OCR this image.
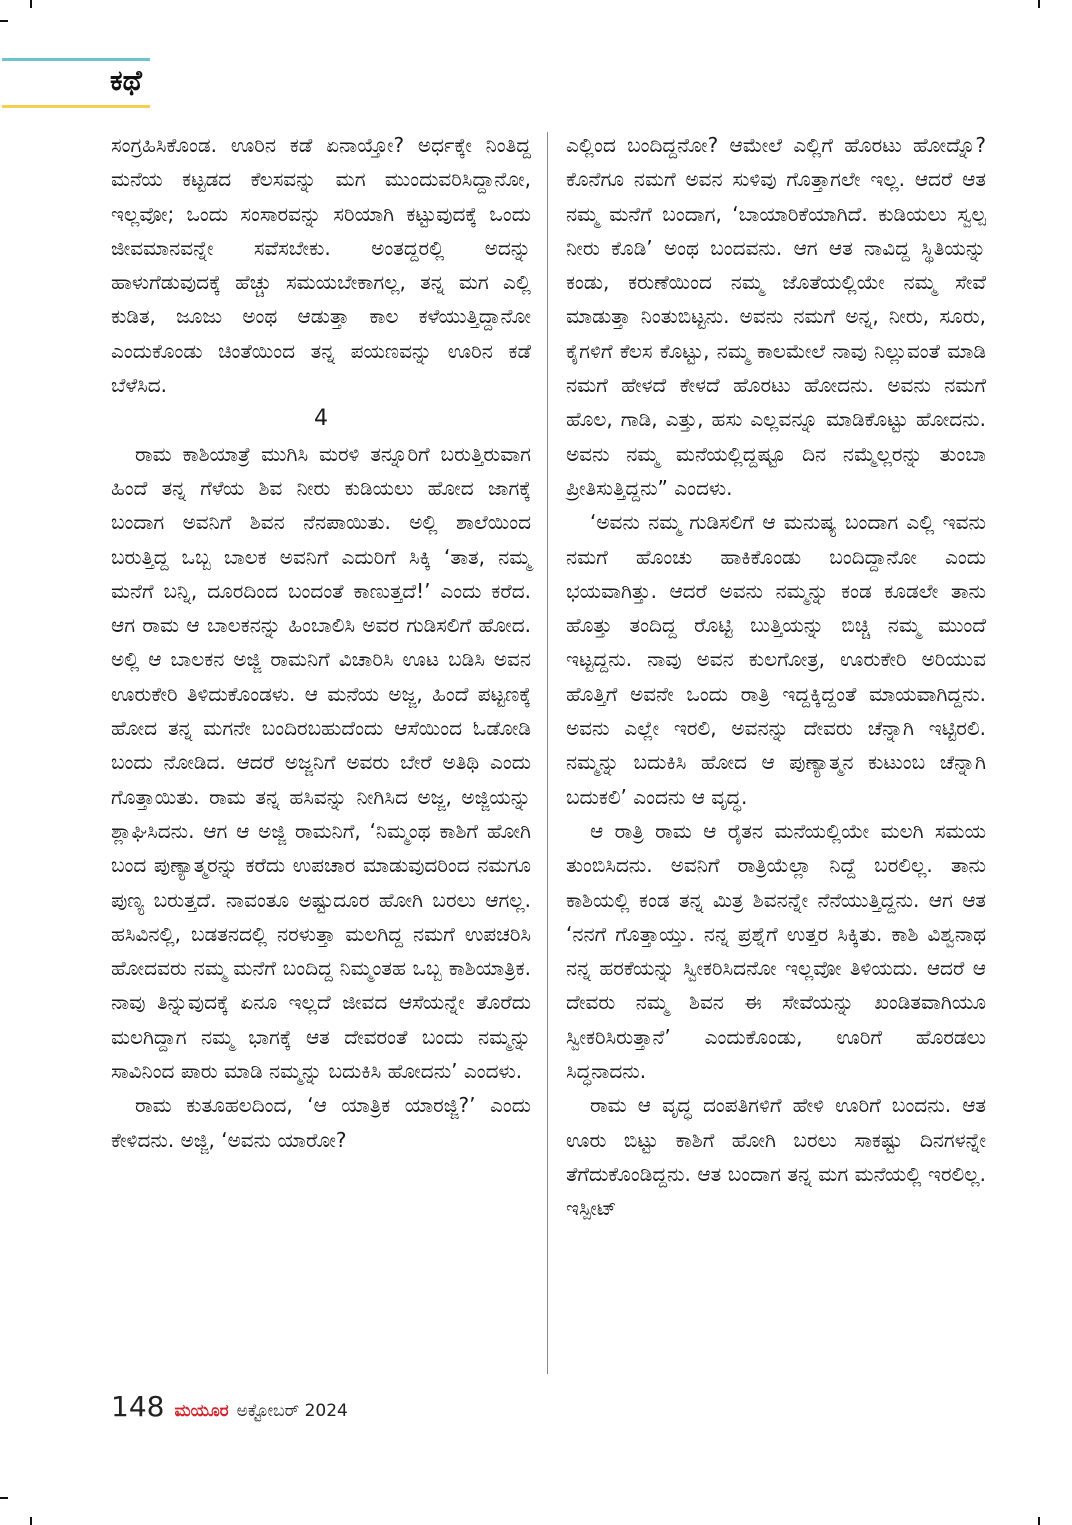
ಕಥೆ

ಸಂಗ್ರಹಿಸಿಕೊಂಡ. ಊರಿನ ಕಡೆ ಏನಾಯ್ತೋ? ಅರ್ಧಕ್ಕೇ ನಿಂತಿದ್ದ ಮನೆಯ ಕಟ್ಟಡದ ಕೆಲಸವನ್ನು ಮಗ ಮುಂದುವರಿಸಿದ್ದಾನೋ, ಇಲ್ಲವೋ; ಒಂದು ಸಂಸಾರವನ್ನು ಸರಿಯಾಗಿ ಕಟ್ಟುವುದಕ್ಕೆ ಒಂದು ಜೀವಮಾನವನ್ನೇ ಸವೆಸಬೇಕು. ಅಂತದ್ದರಲ್ಲಿ ಅದನ್ನು ಹಾಳುಗೆಡುವುದಕ್ಕೆ ಹೆಚ್ಚು ಸಮಯಬೇಕಾಗಲ್ಲ, ತನ್ನ ಮಗ ಎಲ್ಲಿ ಕುಡಿತ, ಜೂಜು ಅಂಥ ಆಡುತ್ತಾ ಕಾಲ ಕಳೆಯುತ್ತಿದ್ದಾನೋ ಎಂದುಕೊಂಡು ಚಿಂತೆಯಿಂದ ತನ್ನ ಪಯಣವನ್ನು ಊರಿನ ಕಡೆ ಬೆಳೆಸಿದ.

4

ರಾಮ ಕಾಶಿಯಾತ್ರೆ ಮುಗಿಸಿ ಮರಳಿ ತನ್ನೂರಿಗೆ ಬರುತ್ತಿರುವಾಗ ಹಿಂದೆ ತನ್ನ ಗೆಳೆಯ ಶಿವ ನೀರು ಕುಡಿಯಲು ಹೋದ ಜಾಗಕ್ಕೆ ಬಂದಾಗ ಅವನಿಗೆ ಶಿವನ ನೆನಪಾಯಿತು. ಅಲ್ಲಿ ಶಾಲೆಯಿಂದ ಬರುತ್ತಿದ್ದ ಒಬ್ಬ ಬಾಲಕ ಅವನಿಗೆ ಎದುರಿಗೆ ಸಿಕ್ಕಿ ‘ತಾತ, ನಮ್ಮ ಮನೆಗೆ ಬನ್ನಿ, ದೂರದಿಂದ ಬಂದಂತೆ ಕಾಣುತ್ತದೆ!’ ಎಂದು ಕರೆದ. ಆಗ ರಾಮ ಆ ಬಾಲಕನನ್ನು ಹಿಂಬಾಲಿಸಿ ಅವರ ಗುಡಿಸಲಿಗೆ ಹೋದ. ಅಲ್ಲಿ ಆ ಬಾಲಕನ ಅಜ್ಜಿ ರಾಮನಿಗೆ ವಿಚಾರಿಸಿ ಊಟ ಬಡಿಸಿ ಅವನ ಊರುಕೇರಿ ತಿಳಿದುಕೊಂಡಳು. ಆ ಮನೆಯ ಅಜ್ಜ, ಹಿಂದೆ ಪಟ್ಟಣಕ್ಕೆ ಹೋದ ತನ್ನ ಮಗನೇ ಬಂದಿರಬಹುದೆಂದು ಆಸೆಯಿಂದ ಓಡೋಡಿ ಬಂದು ನೋಡಿದ. ಆದರೆ ಅಜ್ಜನಿಗೆ ಅವರು ಬೇರೆ ಅತಿಥಿ ಎಂದು ಗೊತ್ತಾಯಿತು. ರಾಮ ತನ್ನ ಹಸಿವನ್ನು ನೀಗಿಸಿದ ಅಜ್ಜ, ಅಜ್ಜಿಯನ್ನು ಶ್ಲಾಘಿಸಿದನು. ಆಗ ಆ ಅಜ್ಜಿ ರಾಮನಿಗೆ, ‘ನಿಮ್ಮಂಥ ಕಾಶಿಗೆ ಹೋಗಿ ಬಂದ ಪುಣ್ಯಾತ್ಮರನ್ನು ಕರೆದು ಉಪಚಾರ ಮಾಡುವುದರಿಂದ ನಮಗೂ ಪುಣ್ಯ ಬರುತ್ತದೆ. ನಾವಂತೂ ಅಷ್ಟುದೂರ ಹೋಗಿ ಬರಲು ಆಗಲ್ಲ. ಹಸಿವಿನಲ್ಲಿ, ಬಡತನದಲ್ಲಿ ನರಳುತ್ತಾ ಮಲಗಿದ್ದ ನಮಗೆ ಉಪಚರಿಸಿ ಹೋದವರು ನಮ್ಮ ಮನೆಗೆ ಬಂದಿದ್ದ ನಿಮ್ಮಂತಹ ಒಬ್ಬ ಕಾಶಿಯಾತ್ರಿಕ. ನಾವು ತಿನ್ನುವುದಕ್ಕೆ ಏನೂ ಇಲ್ಲದೆ ಜೀವದ ಆಸೆಯನ್ನೇ ತೊರೆದು ಮಲಗಿದ್ದಾಗ ನಮ್ಮ ಭಾಗಕ್ಕೆ ಆತ ದೇವರಂತೆ ಬಂದು ನಮ್ಮನ್ನು ಸಾವಿನಿಂದ ಪಾರು ಮಾಡಿ ನಮ್ಮನ್ನು ಬದುಕಿಸಿ ಹೋದನು’ ಎಂದಳು.

ರಾಮ ಕುತೂಹಲದಿಂದ, ‘ಆ ಯಾತ್ರಿಕ ಯಾರಜ್ಜಿ?’ ಎಂದು ಕೇಳಿದನು. ಅಜ್ಜಿ, ‘ಅವನು ಯಾರೋ?

ಎಲ್ಲಿಂದ ಬಂದಿದ್ದನೋ? ಆಮೇಲೆ ಎಲ್ಲಿಗೆ ಹೊರಟು ಹೋದ್ನೊ? ಕೊನೆಗೂ ನಮಗೆ ಅವನ ಸುಳಿವು ಗೊತ್ತಾಗಲೇ ಇಲ್ಲ. ಆದರೆ ಆತ ನಮ್ಮ ಮನೆಗೆ ಬಂದಾಗ, ‘ಬಾಯಾರಿಕೆಯಾಗಿದೆ. ಕುಡಿಯಲು ಸ್ವಲ್ಪ ನೀರು ಕೊಡಿ’ ಅಂಥ ಬಂದವನು. ಆಗ ಆತ ನಾವಿದ್ದ ಸ್ಥಿತಿಯನ್ನು ಕಂಡು, ಕರುಣೆಯಿಂದ ನಮ್ಮ ಜೊತೆಯಲ್ಲಿಯೇ ನಮ್ಮ ಸೇವೆ ಮಾಡುತ್ತಾ ನಿಂತುಬಿಟ್ಟನು. ಅವನು ನಮಗೆ ಅನ್ನ, ನೀರು, ಸೂರು, ಕೈಗಳಿಗೆ ಕೆಲಸ ಕೊಟ್ಟು, ನಮ್ಮ ಕಾಲಮೇಲೆ ನಾವು ನಿಲ್ಲುವಂತೆ ಮಾಡಿ ನಮಗೆ ಹೇಳದೆ ಕೇಳದೆ ಹೊರಟು ಹೋದನು. ಅವನು ನಮಗೆ ಹೊಲ, ಗಾಡಿ, ಎತ್ತು, ಹಸು ಎಲ್ಲವನ್ನೂ ಮಾಡಿಕೊಟ್ಟು ಹೋದನು. ಅವನು ನಮ್ಮ ಮನೆಯಲ್ಲಿದ್ದಷ್ಟೂ ದಿನ ನಮ್ಮೆಲ್ಲರನ್ನು ತುಂಬಾ ಪ್ರೀತಿಸುತ್ತಿದ್ದನು” ಎಂದಳು.

‘ಅವನು ನಮ್ಮ ಗುಡಿಸಲಿಗೆ ಆ ಮನುಷ್ಯ ಬಂದಾಗ ಎಲ್ಲಿ ಇವನು ನಮಗೆ ಹೊಂಚು ಹಾಕಿಕೊಂಡು ಬಂದಿದ್ದಾನೋ ಎಂದು ಭಯವಾಗಿತ್ತು. ಆದರೆ ಅವನು ನಮ್ಮನ್ನು ಕಂಡ ಕೂಡಲೇ ತಾನು ಹೊತ್ತು ತಂದಿದ್ದ ರೊಟ್ಟಿ ಬುತ್ತಿಯನ್ನು ಬಿಚ್ಚಿ ನಮ್ಮ ಮುಂದೆ ಇಟ್ಟದ್ದನು. ನಾವು ಅವನ ಕುಲಗೋತ್ರ, ಊರುಕೇರಿ ಅರಿಯುವ ಹೊತ್ತಿಗೆ ಅವನೇ ಒಂದು ರಾತ್ರಿ ಇದ್ದಕ್ಕಿದ್ದಂತೆ ಮಾಯವಾಗಿದ್ದನು. ಅವನು ಎಲ್ಲೇ ಇರಲಿ, ಅವನನ್ನು ದೇವರು ಚೆನ್ನಾಗಿ ಇಟ್ಟಿರಲಿ. ನಮ್ಮನ್ನು ಬದುಕಿಸಿ ಹೋದ ಆ ಪುಣ್ಯಾತ್ಮನ ಕುಟುಂಬ ಚೆನ್ನಾಗಿ ಬದುಕಲಿ’ ಎಂದನು ಆ ವೃದ್ಧ.

ಆ ರಾತ್ರಿ ರಾಮ ಆ ರೈತನ ಮನೆಯಲ್ಲಿಯೇ ಮಲಗಿ ಸಮಯ ತುಂಬಿಸಿದನು. ಅವನಿಗೆ ರಾತ್ರಿಯೆಲ್ಲಾ ನಿದ್ದೆ ಬರಲಿಲ್ಲ. ತಾನು ಕಾಶಿಯಲ್ಲಿ ಕಂಡ ತನ್ನ ಮಿತ್ರ ಶಿವನನ್ನೇ ನೆನೆಯುತ್ತಿದ್ದನು. ಆಗ ಆತ ‘ನನಗೆ ಗೊತ್ತಾಯ್ತು. ನನ್ನ ಪ್ರಶ್ನೆಗೆ ಉತ್ತರ ಸಿಕ್ಕಿತು. ಕಾಶಿ ವಿಶ್ವನಾಥ ನನ್ನ ಹರಕೆಯನ್ನು ಸ್ವೀಕರಿಸಿದನೋ ಇಲ್ಲವೋ ತಿಳಿಯದು. ಆದರೆ ಆ ದೇವರು ನಮ್ಮ ಶಿವನ ಈ ಸೇವೆಯನ್ನು ಖಂಡಿತವಾಗಿಯೂ ಸ್ವೀಕರಿಸಿರುತ್ತಾನೆ’ ಎಂದುಕೊಂಡು, ಊರಿಗೆ ಹೊರಡಲು ಸಿದ್ಧನಾದನು.

ರಾಮ ಆ ವೃದ್ಧ ದಂಪತಿಗಳಿಗೆ ಹೇಳಿ ಊರಿಗೆ ಬಂದನು. ಆತ ಊರು ಬಿಟ್ಟು ಕಾಶಿಗೆ ಹೋಗಿ ಬರಲು ಸಾಕಷ್ಟು ದಿನಗಳನ್ನೇ ತೆಗೆದುಕೊಂಡಿದ್ದನು. ಆತ ಬಂದಾಗ ತನ್ನ ಮಗ ಮನೆಯಲ್ಲಿ ಇರಲಿಲ್ಲ. ಇಸ್ಪೀಟ್

148 ಮಯೂರ ಅಕ್ಟೋಬರ್ 2024
